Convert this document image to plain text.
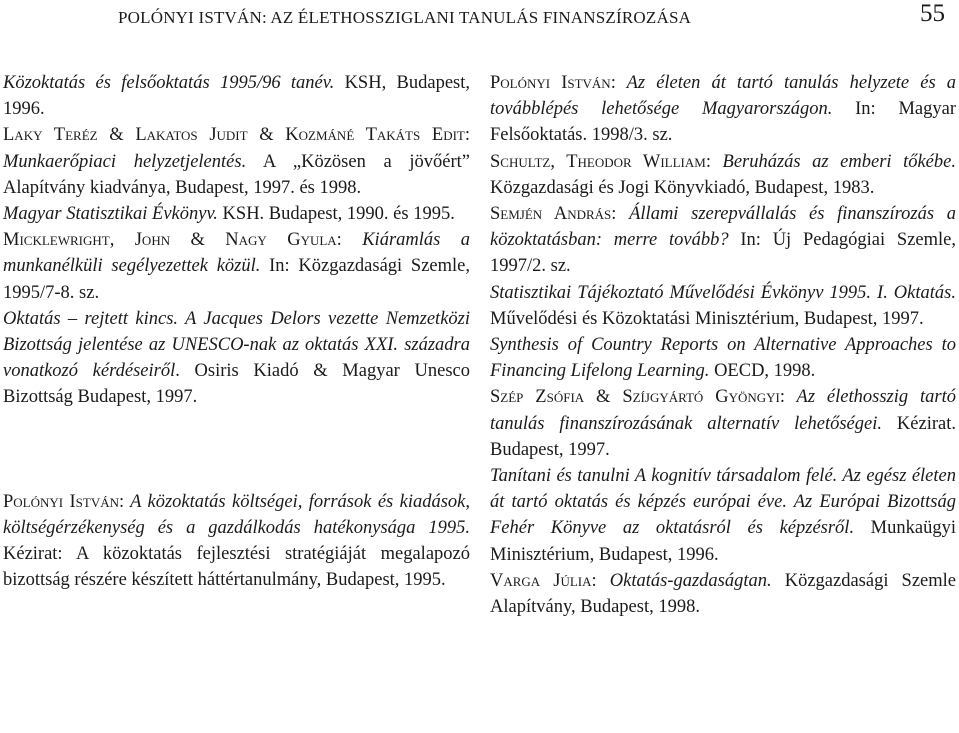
POLÓNYI ISTVÁN: AZ ÉLETHOSSZIGLANI TANULÁS FINANSZÍROZÁSA	55

Közoktatás és felsőoktatás 1995/96 tanév. KSH, Budapest, 1996.

Laky Teréz & Lakatos Judit & Kozmáné Takáts Edit: Munkaerőpiaci helyzetjelentés. A „Közösen a jövőért” Alapítvány kiadványa, Budapest, 1997. és 1998.

Magyar Statisztikai Évkönyv. KSH. Budapest, 1990. és 1995.

Micklewright, John & Nagy Gyula: Kiáramlás a munkanélküli segélyezettek közül. In: Közgazdasági Szemle, 1995/7-8. sz.

Oktatás – rejtett kincs. A Jacques Delors vezette Nemzetközi Bizottság jelentése az UNESCO-nak az oktatás XXI. századra vonatkozó kérdéseiről. Osiris Kiadó & Magyar Unesco Bizottság Budapest, 1997.

Polónyi István: A közoktatás költségei, források és kiadások, költségérzékenység és a gazdálkodás hatékonysága 1995. Kézirat: A közoktatás fejlesztési stratégiáját megalapozó bizottság részére készített háttértanulmány, Budapest, 1995.

Polónyi István: Az életen át tartó tanulás helyzete és a továbblépés lehetősége Magyarországon. In: Magyar Felsőoktatás. 1998/3. sz.

Schultz, Theodor William: Beruházás az emberi tőkébe. Közgazdasági és Jogi Könyvkiadó, Budapest, 1983.

Semjén András: Állami szerepvállalás és finanszírozás a közoktatásban: merre tovább? In: Új Pedagógiai Szemle, 1997/2. sz.

Statisztikai Tájékoztató Művelődési Évkönyv 1995. I. Oktatás. Művelődési és Közoktatási Minisztérium, Budapest, 1997.

Synthesis of Country Reports on Alternative Approaches to Financing Lifelong Learning. OECD, 1998.

Szép Zsófia & Szíjgyártó Gyöngyi: Az élethosszig tartó tanulás finanszírozásának alternatív lehetőségei. Kézirat. Budapest, 1997.

Tanítani és tanulni A kognitív társadalom felé. Az egész életen át tartó oktatás és képzés európai éve. Az Európai Bizottság Fehér Könyve az oktatásról és képzésről. Munkaügyi Minisztérium, Budapest, 1996.

Varga Júlia: Oktatás-gazdaságtan. Közgazdasági Szemle Alapítvány, Budapest, 1998.
